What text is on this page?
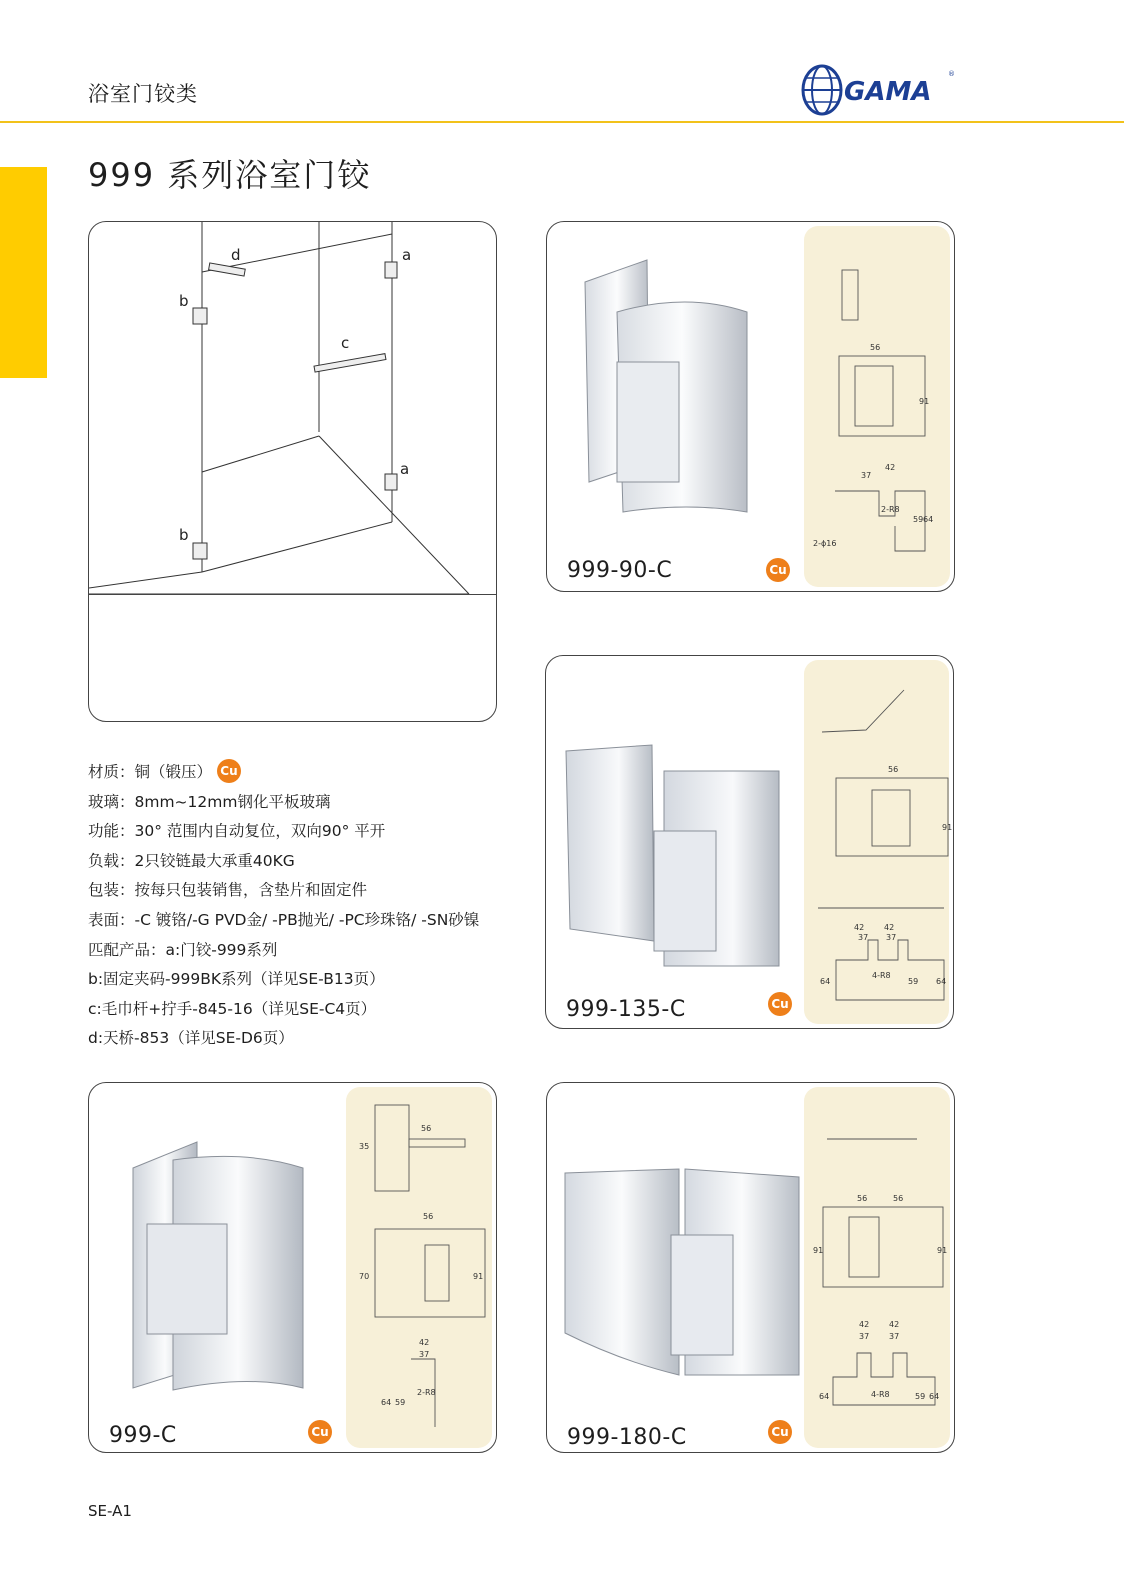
浴室门铰类	GAMA
®
999 系列浴室门铰
d	a
b
c
a
b
材质：铜（锻压） Cu
玻璃：8mm~12mm钢化平板玻璃
功能：30° 范围内自动复位，双向90° 平开
负载：2只铰链最大承重40KG
包装：按每只包装销售，含垫片和固定件
表面：-C 镀铬/-G PVD金/ -PB抛光/ -PC珍珠铬/ -SN砂镍
匹配产品：a:门铰-999系列
b:固定夹码-999BK系列（详见SE-B13页）
c:毛巾杆+拧手-845-16（详见SE-C4页）
d:天桥-853（详见SE-D6页）
999-90-C	Cu
56
91
37
42
2-R8
59 64
2-ϕ16
999-135-C	Cu
56
91
42 42
37 37
4-R8
64	59 64
999-C	Cu
56
35
56
70	91
42
37
2-R8
64 59
999-180-C	Cu
56	56
91	91
42 42
37 37
4-R8
64	59 64
SE-A1
